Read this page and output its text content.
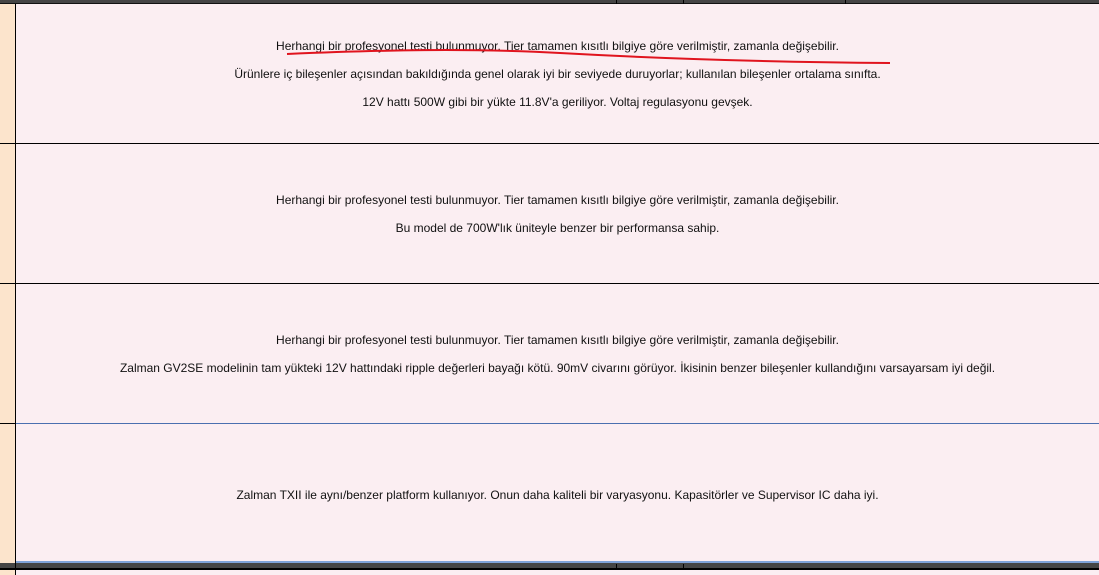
Herhangi bir profesyonel testi bulunmuyor. Tier tamamen kısıtlı bilgiye göre verilmiştir, zamanla değişebilir.
Ürünlere iç bileşenler açısından bakıldığında genel olarak iyi bir seviyede duruyorlar; kullanılan bileşenler ortalama sınıfta.
12V hattı 500W gibi bir yükte 11.8V'a geriliyor. Voltaj regulasyonu gevşek.
Herhangi bir profesyonel testi bulunmuyor. Tier tamamen kısıtlı bilgiye göre verilmiştir, zamanla değişebilir.
Bu model de 700W'lık üniteyle benzer bir performansa sahip.
Herhangi bir profesyonel testi bulunmuyor. Tier tamamen kısıtlı bilgiye göre verilmiştir, zamanla değişebilir.
Zalman GV2SE modelinin tam yükteki 12V hattındaki ripple değerleri bayağı kötü. 90mV civarını görüyor. İkisinin benzer bileşenler kullandığını varsayarsam iyi değil.
Zalman TXII ile aynı/benzer platform kullanıyor. Onun daha kaliteli bir varyasyonu. Kapasitörler ve Supervisor IC daha iyi.
